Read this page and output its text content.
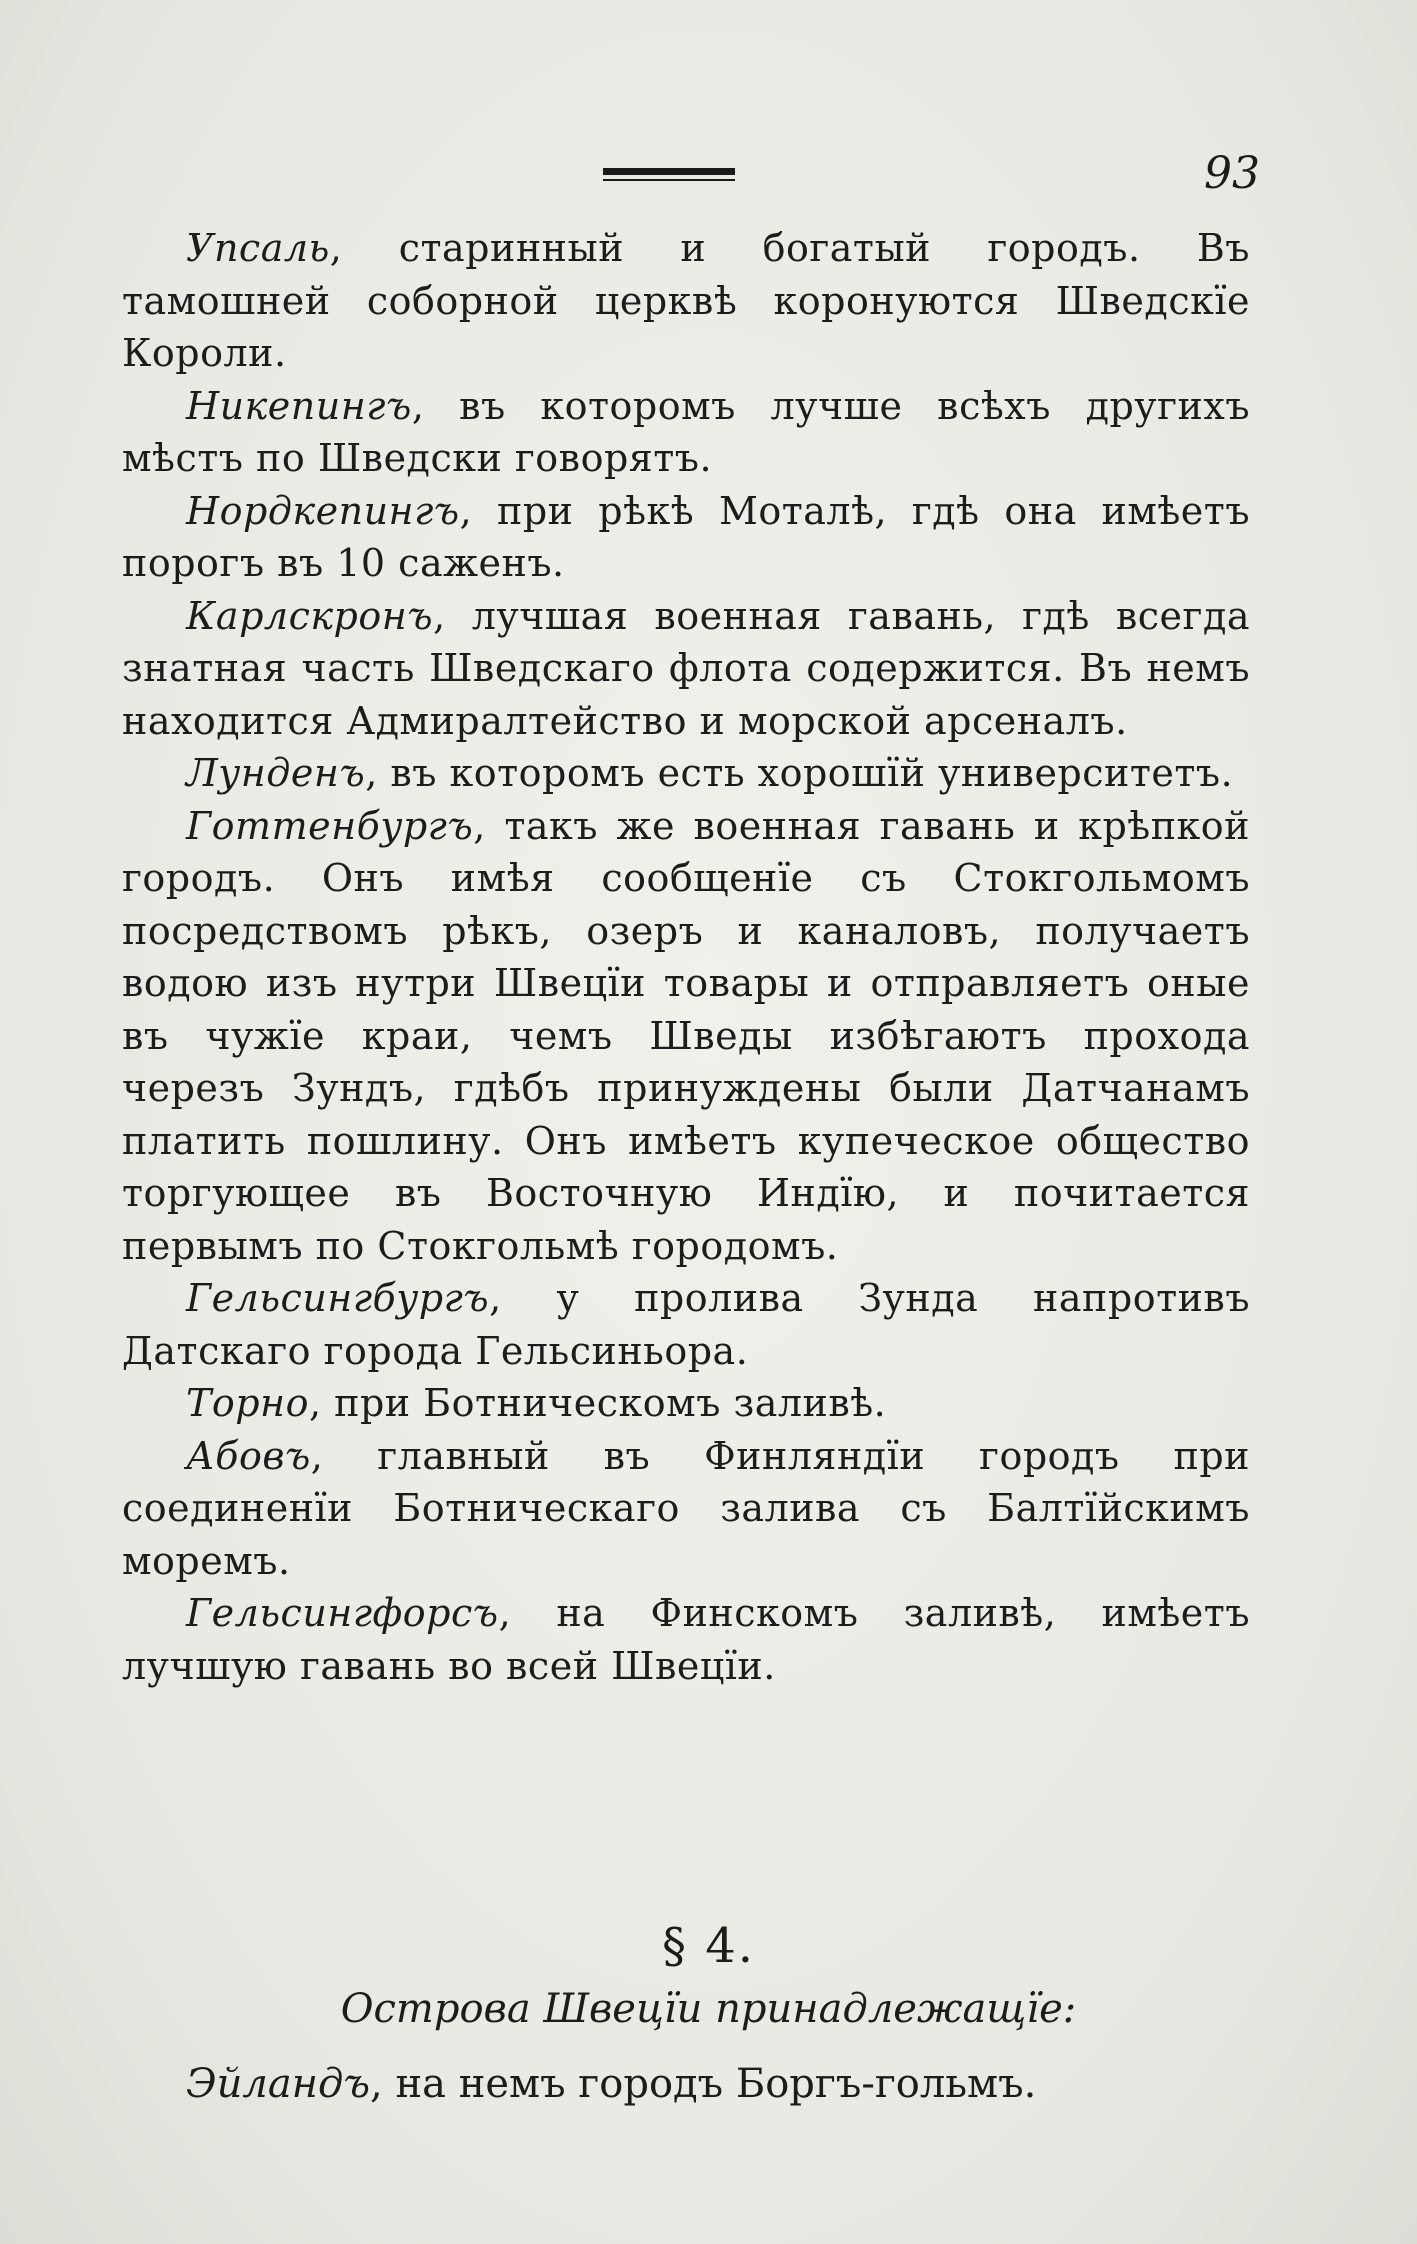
93

Упсаль, старинный и богатый городъ. Въ тамошней соборной церквѣ коронуются Шведскїе Короли.

Никепингъ, въ которомъ лучше всѣхъ другихъ мѣстъ по Шведски говорятъ.

Нордкепингъ, при рѣкѣ Моталѣ, гдѣ она имѣетъ порогъ въ 10 саженъ.

Карлскронъ, лучшая военная гавань, гдѣ всегда знатная часть Шведскаго флота содержится. Въ немъ находится Адмиралтейство и морской арсеналъ.

Лунденъ, въ которомъ есть хорошїй университетъ.

Готтенбургъ, такъ же военная гавань и крѣпкой городъ. Онъ имѣя сообщенїе съ Стокгольмомъ посредствомъ рѣкъ, озеръ и каналовъ, получаетъ водою изъ нутри Швецїи товары и отправляетъ оные въ чужїе краи, чемъ Шведы избѣгаютъ прохода черезъ Зундъ, гдѣбъ принуждены были Датчанамъ платить пошлину. Онъ имѣетъ купеческое общество торгующее въ Восточную Индїю, и почитается первымъ по Стокгольмѣ городомъ.

Гельсингбургъ, у пролива Зунда напротивъ Датскаго города Гельсиньора.

Торно, при Ботническомъ заливѣ.

Абовъ, главный въ Финляндїи городъ при соединенїи Ботническаго залива съ Балтїйскимъ моремъ.

Гельсингфорсъ, на Финскомъ заливѣ, имѣетъ лучшую гавань во всей Швецїи.

§ 4.
Острова Швецїи принадлежащїе:
Эйландъ, на немъ городъ Боргъ-гольмъ.
